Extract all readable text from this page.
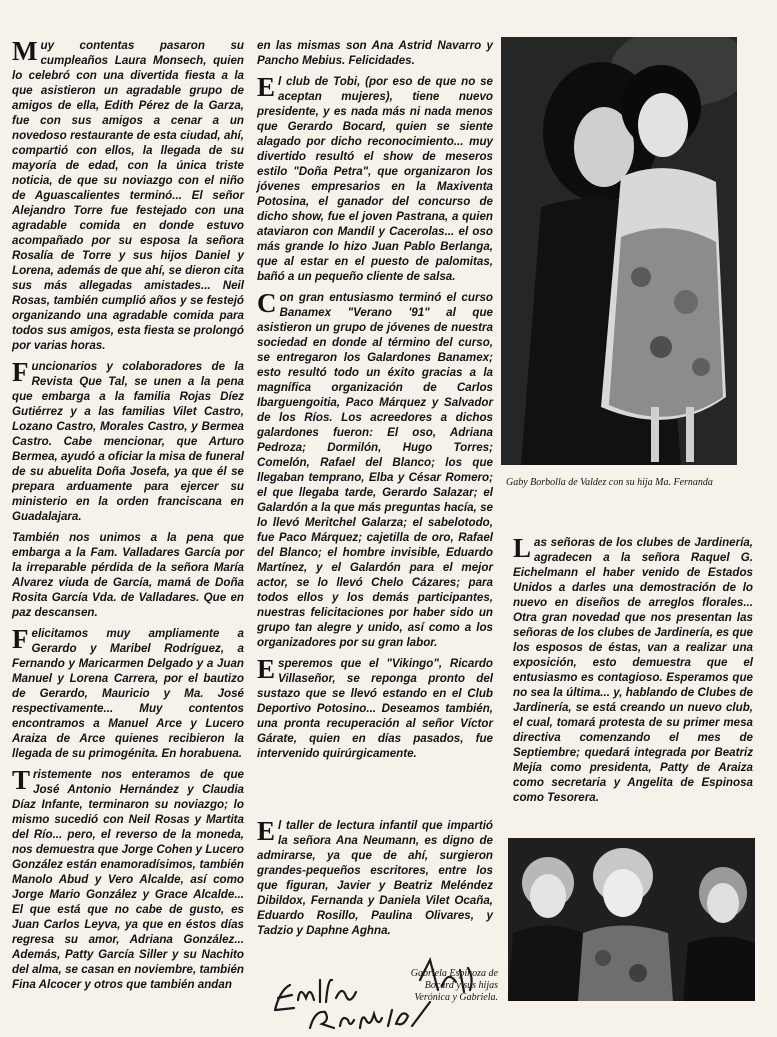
Muy contentas pasaron su cumpleaños Laura Monsech, quien lo celebró con una divertida fiesta a la que asistieron un agradable grupo de amigos de ella, Edith Pérez de la Garza, fue con sus amigos a cenar a un novedoso restaurante de esta ciudad, ahí, compartió con ellos, la llegada de su mayoría de edad, con la única triste noticia, de que su noviazgo con el niño de Aguascalientes terminó... El señor Alejandro Torre fue festejado con una agradable comida en donde estuvo acompañado por su esposa la señora Rosalía de Torre y sus hijos Daniel y Lorena, además de que ahí, se dieron cita sus más allegadas amistades... Neil Rosas, también cumplió años y se festejó organizando una agradable comida para todos sus amigos, esta fiesta se prolongó por varias horas.

Funcionarios y colaboradores de la Revista Que Tal, se unen a la pena que embarga a la familia Rojas Díez Gutiérrez y a las familias Vilet Castro, Lozano Castro, Morales Castro, y Bermea Castro. Cabe mencionar, que Arturo Bermea, ayudó a oficiar la misa de funeral de su abuelita Doña Josefa, ya que él se prepara arduamente para ejercer su ministerio en la orden franciscana en Guadalajara.

También nos unimos a la pena que embarga a la Fam. Valladares García por la irreparable pérdida de la señora María Alvarez viuda de García, mamá de Doña Rosita García Vda. de Valladares. Que en paz descansen.

Felicitamos muy ampliamente a Gerardo y Maribel Rodríguez, a Fernando y Maricarmen Delgado y a Juan Manuel y Lorena Carrera, por el bautizo de Gerardo, Mauricio y Ma. José respectivamente... Muy contentos encontramos a Manuel Arce y Lucero Araiza de Arce quienes recibieron la llegada de su primogénita. En horabuena.

Tristemente nos enteramos de que José Antonio Hernández y Claudia Díaz Infante, terminaron su noviazgo; lo mismo sucedió con Neil Rosas y Martita del Río... pero, el reverso de la moneda, nos demuestra que Jorge Cohen y Lucero González están enamoradísimos, también Manolo Abud y Vero Alcalde, así como Jorge Mario González y Grace Alcalde... El que está que no cabe de gusto, es Juan Carlos Leyva, ya que en éstos días regresa su amor, Adriana González... Además, Patty García Siller y su Nachito del alma, se casan en noviembre, también Fina Alcocer y otros que también andan

en las mismas son Ana Astrid Navarro y Pancho Mebius. Felicidades.

El club de Tobi, (por eso de que no se aceptan mujeres), tiene nuevo presidente, y es nada más ni nada menos que Gerardo Bocard, quien se siente alagado por dicho reconocimiento... muy divertido resultó el show de meseros estilo "Doña Petra", que organizaron los jóvenes empresarios en la Maxiventa Potosina, el ganador del concurso de dicho show, fue el joven Pastrana, a quien ataviaron con Mandil y Cacerolas... el oso más grande lo hizo Juan Pablo Berlanga, que al estar en el puesto de palomitas, bañó a un pequeño cliente de salsa.

Con gran entusiasmo terminó el curso Banamex "Verano '91" al que asistieron un grupo de jóvenes de nuestra sociedad en donde al término del curso, se entregaron los Galardones Banamex; esto resultó todo un éxito gracias a la magnífica organización de Carlos Ibarguengoitia, Paco Márquez y Salvador de los Ríos. Los acreedores a dichos galardones fueron: El oso, Adriana Pedroza; Dormilón, Hugo Torres; Comelón, Rafael del Blanco; los que llegaban temprano, Elba y César Romero; el que llegaba tarde, Gerardo Salazar; el Galardón a la que más preguntas hacía, se lo llevó Meritchel Galarza; el sabelotodo, fue Paco Márquez; cajetilla de oro, Rafael del Blanco; el hombre invisible, Eduardo Martínez, y el Galardón para el mejor actor, se lo llevó Chelo Cázares; para todos ellos y los demás participantes, nuestras felicitaciones por haber sido un grupo tan alegre y unido, así como a los organizadores por su gran labor.

Esperemos que el "Vikingo", Ricardo Villaseñor, se reponga pronto del sustazo que se llevó estando en el Club Deportivo Potosino... Deseamos también, una pronta recuperación al señor Víctor Gárate, quien en días pasados, fue intervenido quirúrgicamente.

El taller de lectura infantil que impartió la señora Ana Neumann, es digno de admirarse, ya que de ahí, surgieron grandes-pequeños escritores, entre los que figuran, Javier y Beatriz Meléndez Dibildox, Fernanda y Daniela Vilet Ocaña, Eduardo Rosillo, Paulina Olivares, y Tadzio y Daphne Aghna.

Gaby Borbolla de Valdez con su hija Ma. Fernanda

Las señoras de los clubes de Jardinería, agradecen a la señora Raquel G. Eichelmann el haber venido de Estados Unidos a darles una demostración de lo nuevo en diseños de arreglos florales... Otra gran novedad que nos presentan las señoras de los clubes de Jardinería, es que los esposos de éstas, van a realizar una exposición, esto demuestra que el entusiasmo es contagioso. Esperamos que no sea la última... y, hablando de Clubes de Jardinería, se está creando un nuevo club, el cual, tomará protesta de su primer mesa directiva comenzando el mes de Septiembre; quedará integrada por Beatriz Mejía como presidenta, Patty de Araiza como secretaria y Angelita de Espinosa como Tesorera.

Gabriela Espinoza de Bocard y sus hijas Verónica y Gabriela.
